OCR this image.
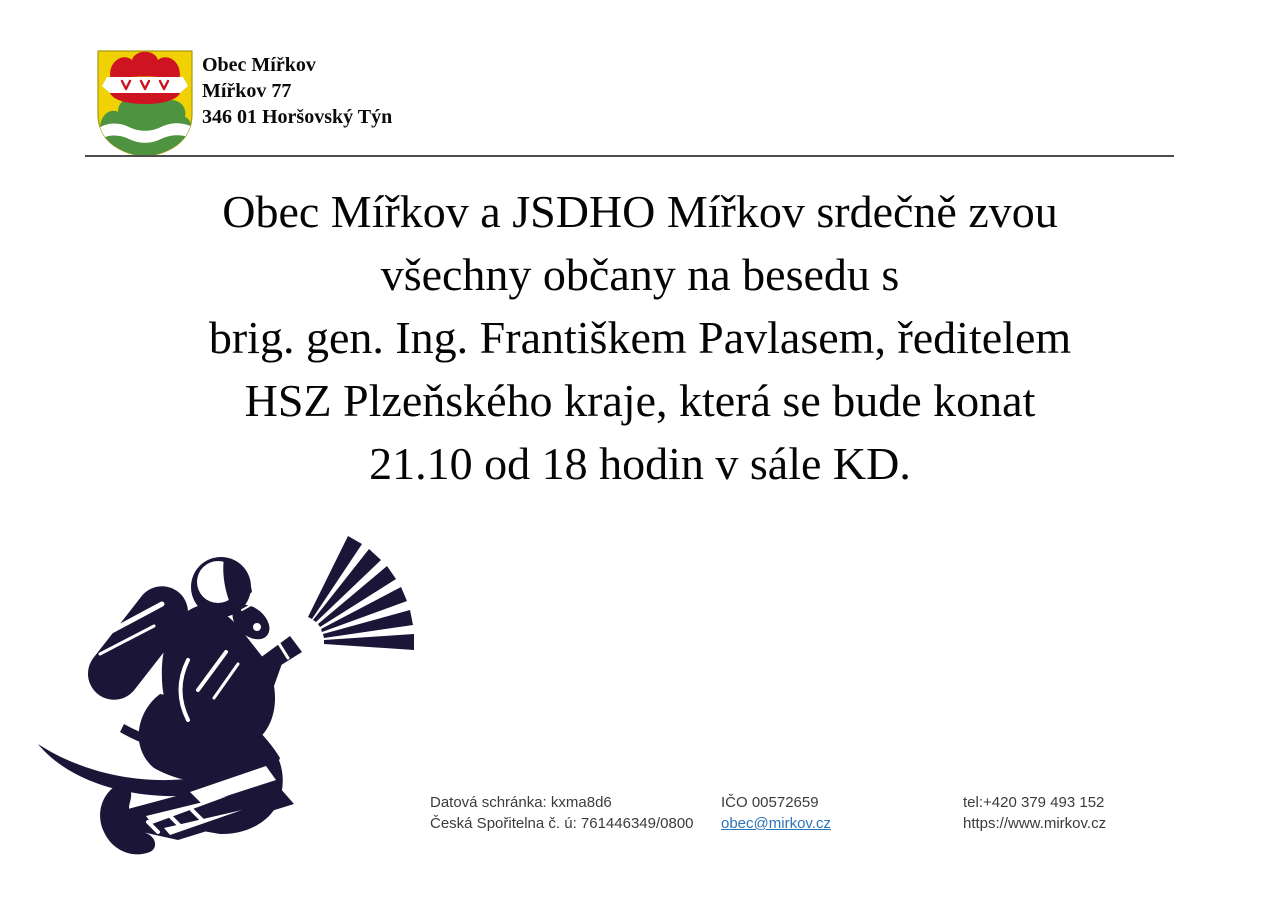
Obec Mířkov
Mířkov 77
346 01 Horšovský Týn
Obec Mířkov a JSDHO Mířkov srdečně zvou
všechny občany na besedu s
brig. gen. Ing. Františkem Pavlasem, ředitelem
HSZ Plzeňského kraje, která se bude konat
21.10 od 18 hodin v sále KD.
Datová schránka: kxma8d6
Česká Spořitelna č. ú: 761446349/0800
IČO 00572659
obec@mirkov.cz
tel:+420 379 493 152
https://www.mirkov.cz
